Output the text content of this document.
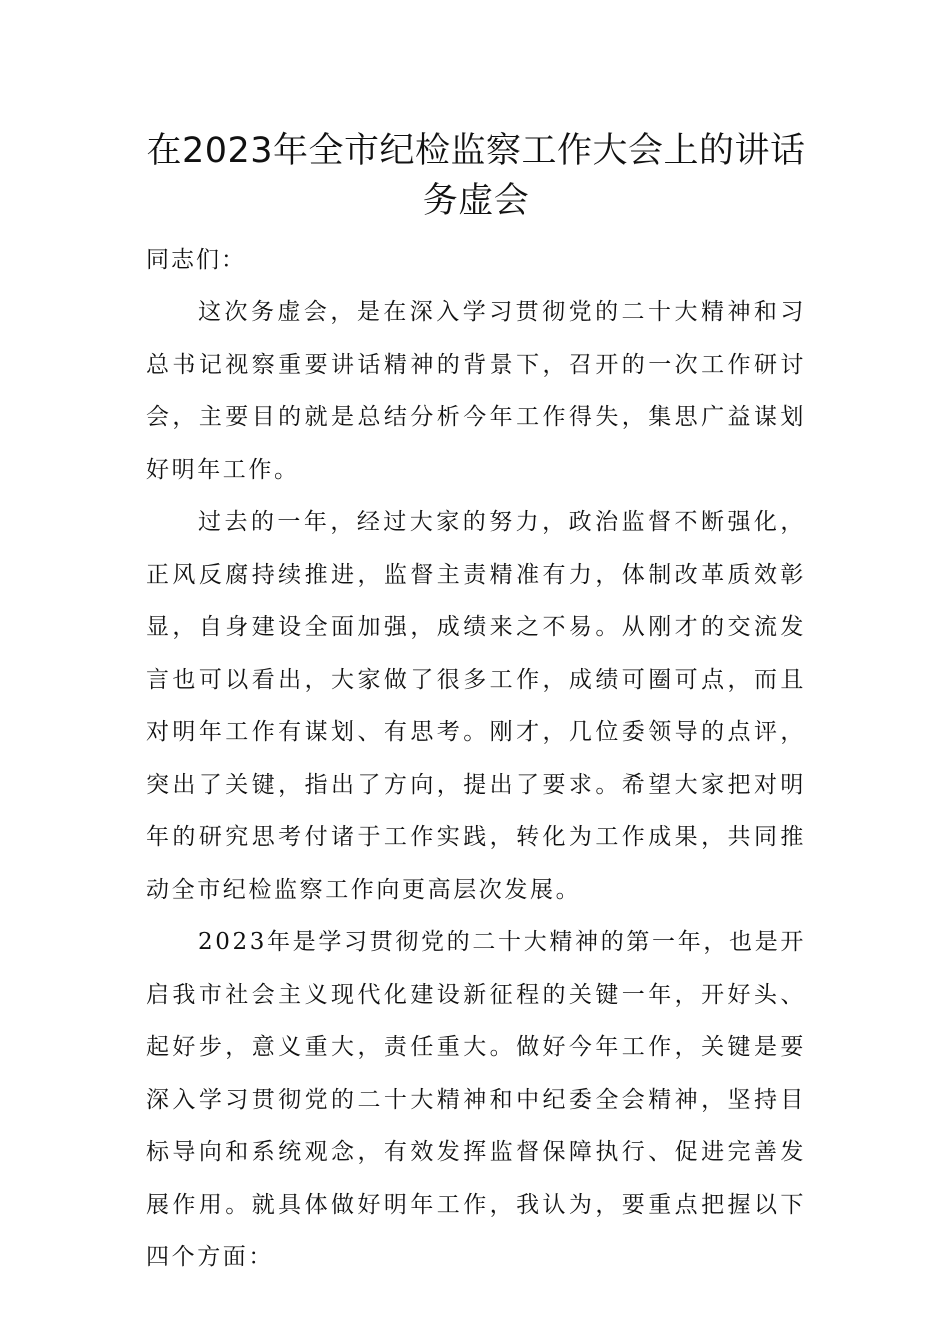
在2023年全市纪检监察工作大会上的讲话
务虚会

同志们：

这次务虚会，是在深入学习贯彻党的二十大精神和习总书记视察重要讲话精神的背景下，召开的一次工作研讨会，主要目的就是总结分析今年工作得失，集思广益谋划好明年工作。

过去的一年，经过大家的努力，政治监督不断强化，正风反腐持续推进，监督主责精准有力，体制改革质效彰显，自身建设全面加强，成绩来之不易。从刚才的交流发言也可以看出，大家做了很多工作，成绩可圈可点，而且对明年工作有谋划、有思考。刚才，几位委领导的点评，突出了关键，指出了方向，提出了要求。希望大家把对明年的研究思考付诸于工作实践，转化为工作成果，共同推动全市纪检监察工作向更高层次发展。

2023年是学习贯彻党的二十大精神的第一年，也是开启我市社会主义现代化建设新征程的关键一年，开好头、起好步，意义重大，责任重大。做好今年工作，关键是要深入学习贯彻党的二十大精神和中纪委全会精神，坚持目标导向和系统观念，有效发挥监督保障执行、促进完善发展作用。就具体做好明年工作，我认为，要重点把握以下四个方面：
